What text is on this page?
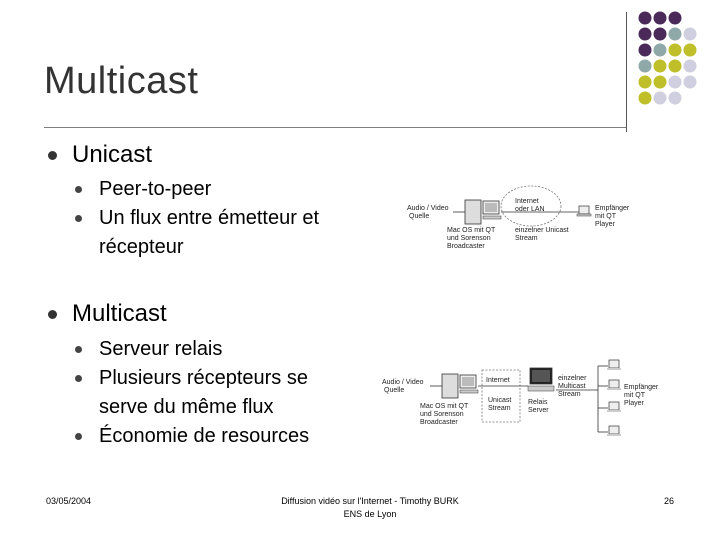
Multicast
Unicast
Peer-to-peer
Un flux entre émetteur et
récepteur
Multicast
Serveur relais
Plusieurs récepteurs se
serve du même flux
Économie de resources
Audio / Video
Quelle
Mac OS mit QT
und Sorenson
Broadcaster
Internet
oder LAN
einzelner Unicast
Stream
Empfänger
mit QT
Player
Audio / Video
Quelle
Mac OS mit QT
und Sorenson
Broadcaster
Internet
Unicast
Stream
Relais
Server
einzelner
Multicast
Stream
Empfänger
mit QT
Player
03/05/2004	Diffusion vidéo sur l'Internet - Timothy BURK
ENS de Lyon
26
